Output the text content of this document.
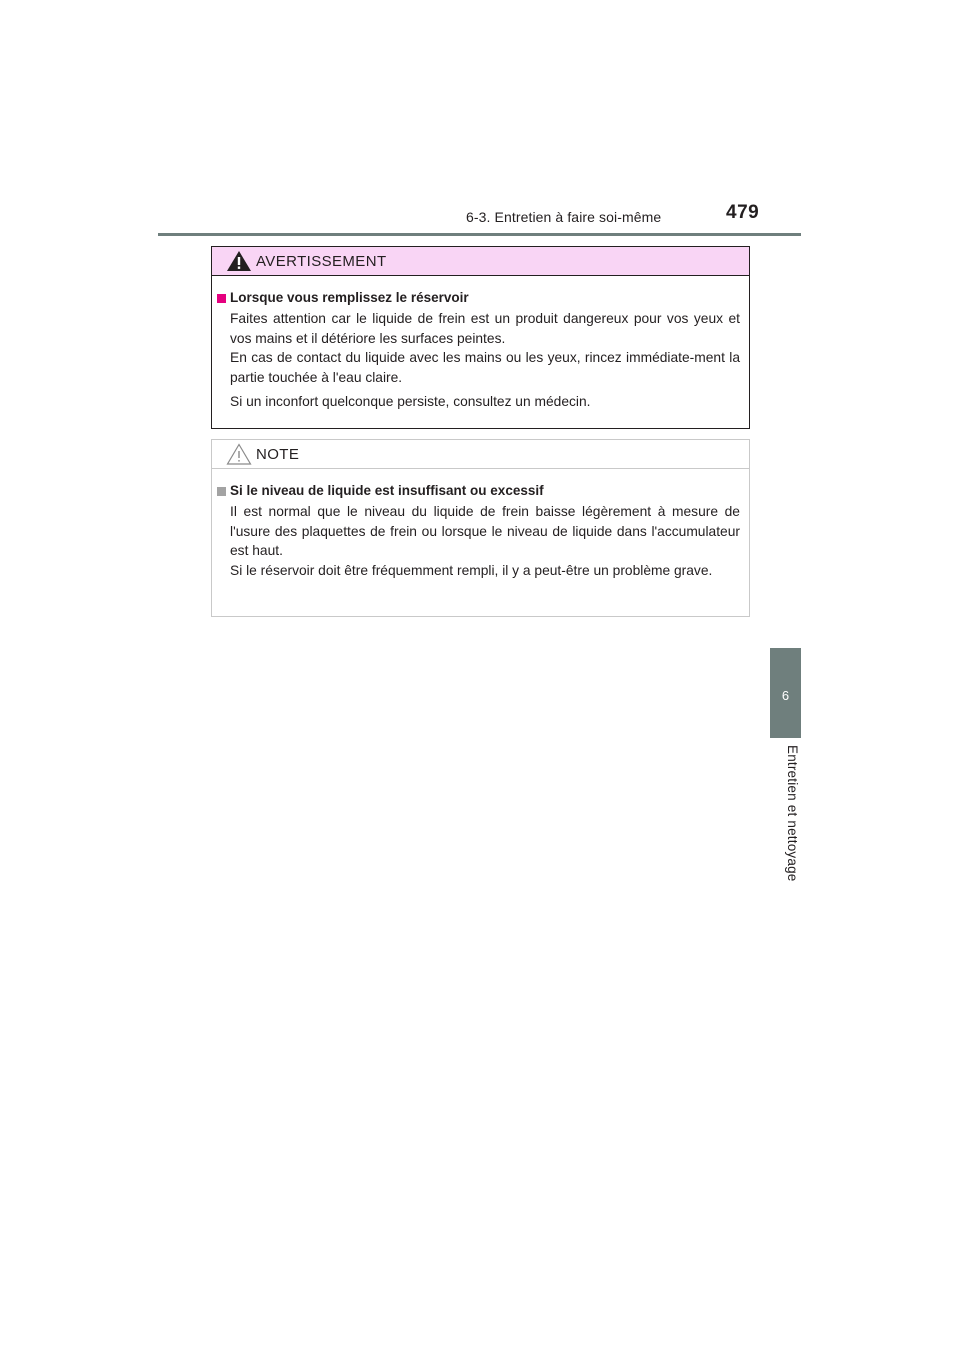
6-3. Entretien à faire soi-même	479
6
Entretien et nettoyage
AVERTISSEMENT
Lorsque vous remplissez le réservoir

Faites attention car le liquide de frein est un produit dangereux pour vos yeux et vos mains et il détériore les surfaces peintes.

En cas de contact du liquide avec les mains ou les yeux, rincez immédiate-ment la partie touchée à l'eau claire.

Si un inconfort quelconque persiste, consultez un médecin.

NOTE
Si le niveau de liquide est insuffisant ou excessif

Il est normal que le niveau du liquide de frein baisse légèrement à mesure de l'usure des plaquettes de frein ou lorsque le niveau de liquide dans l'accumulateur est haut.

Si le réservoir doit être fréquemment rempli, il y a peut-être un problème grave.
